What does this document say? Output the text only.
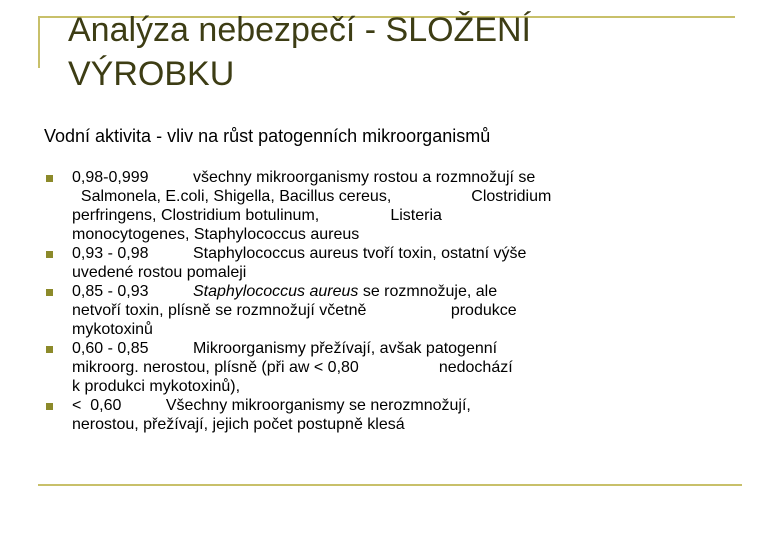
Analýza nebezpečí - SLOŽENÍ
VÝROBKU
Vodní aktivita - vliv na růst patogenních mikroorganismů
0,98-0,999          všechny mikroorganismy rostou a rozmnožují se
Salmonela, E.coli, Shigella, Bacillus cereus,                  Clostridium
perfringens, Clostridium botulinum,                Listeria
monocytogenes, Staphylococcus aureus
0,93 - 0,98          Staphylococcus aureus tvoří toxin, ostatní výše
uvedené rostou pomaleji
0,85 - 0,93          Staphylococcus aureus se rozmnožuje, ale
netvoří toxin, plísně se rozmnožují včetně                   produkce
mykotoxinů
0,60 - 0,85          Mikroorganismy přežívají, avšak patogenní
mikroorg. nerostou, plísně (při aw < 0,80                  nedochází
k produkci mykotoxinů),
<  0,60          Všechny mikroorganismy se nerozmnožují,
nerostou, přežívají, jejich počet postupně klesá
